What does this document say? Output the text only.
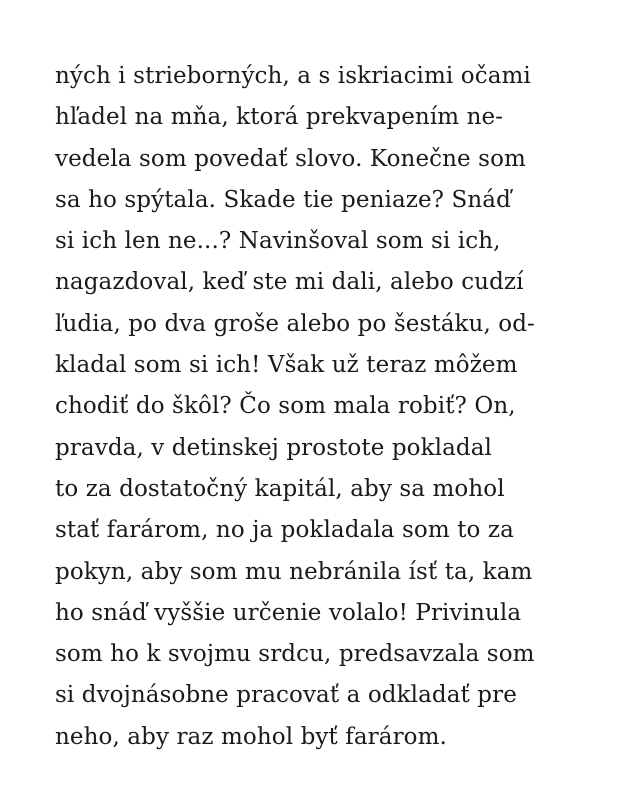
ných i strieborných, a s iskriacimi očami
hľadel na mňa, ktorá prekvapením ne-
vedela som povedať slovo. Konečne som
sa ho spýtala. Skade tie peniaze? Snáď
si ich len ne...? Navinšoval som si ich,
nagazdoval, keď ste mi dali, alebo cudzí
ľudia, po dva groše alebo po šestáku, od-
kladal som si ich! Však už teraz môžem
chodiť do škôl? Čo som mala robiť? On,
pravda, v detinskej prostote pokladal
to za dostatočný kapitál, aby sa mohol
stať farárom, no ja pokladala som to za
pokyn, aby som mu nebránila ísť ta, kam
ho snáď vyššie určenie volalo! Privinula
som ho k svojmu srdcu, predsavzala som
si dvojnásobne pracovať a odkladať pre
neho, aby raz mohol byť farárom.
